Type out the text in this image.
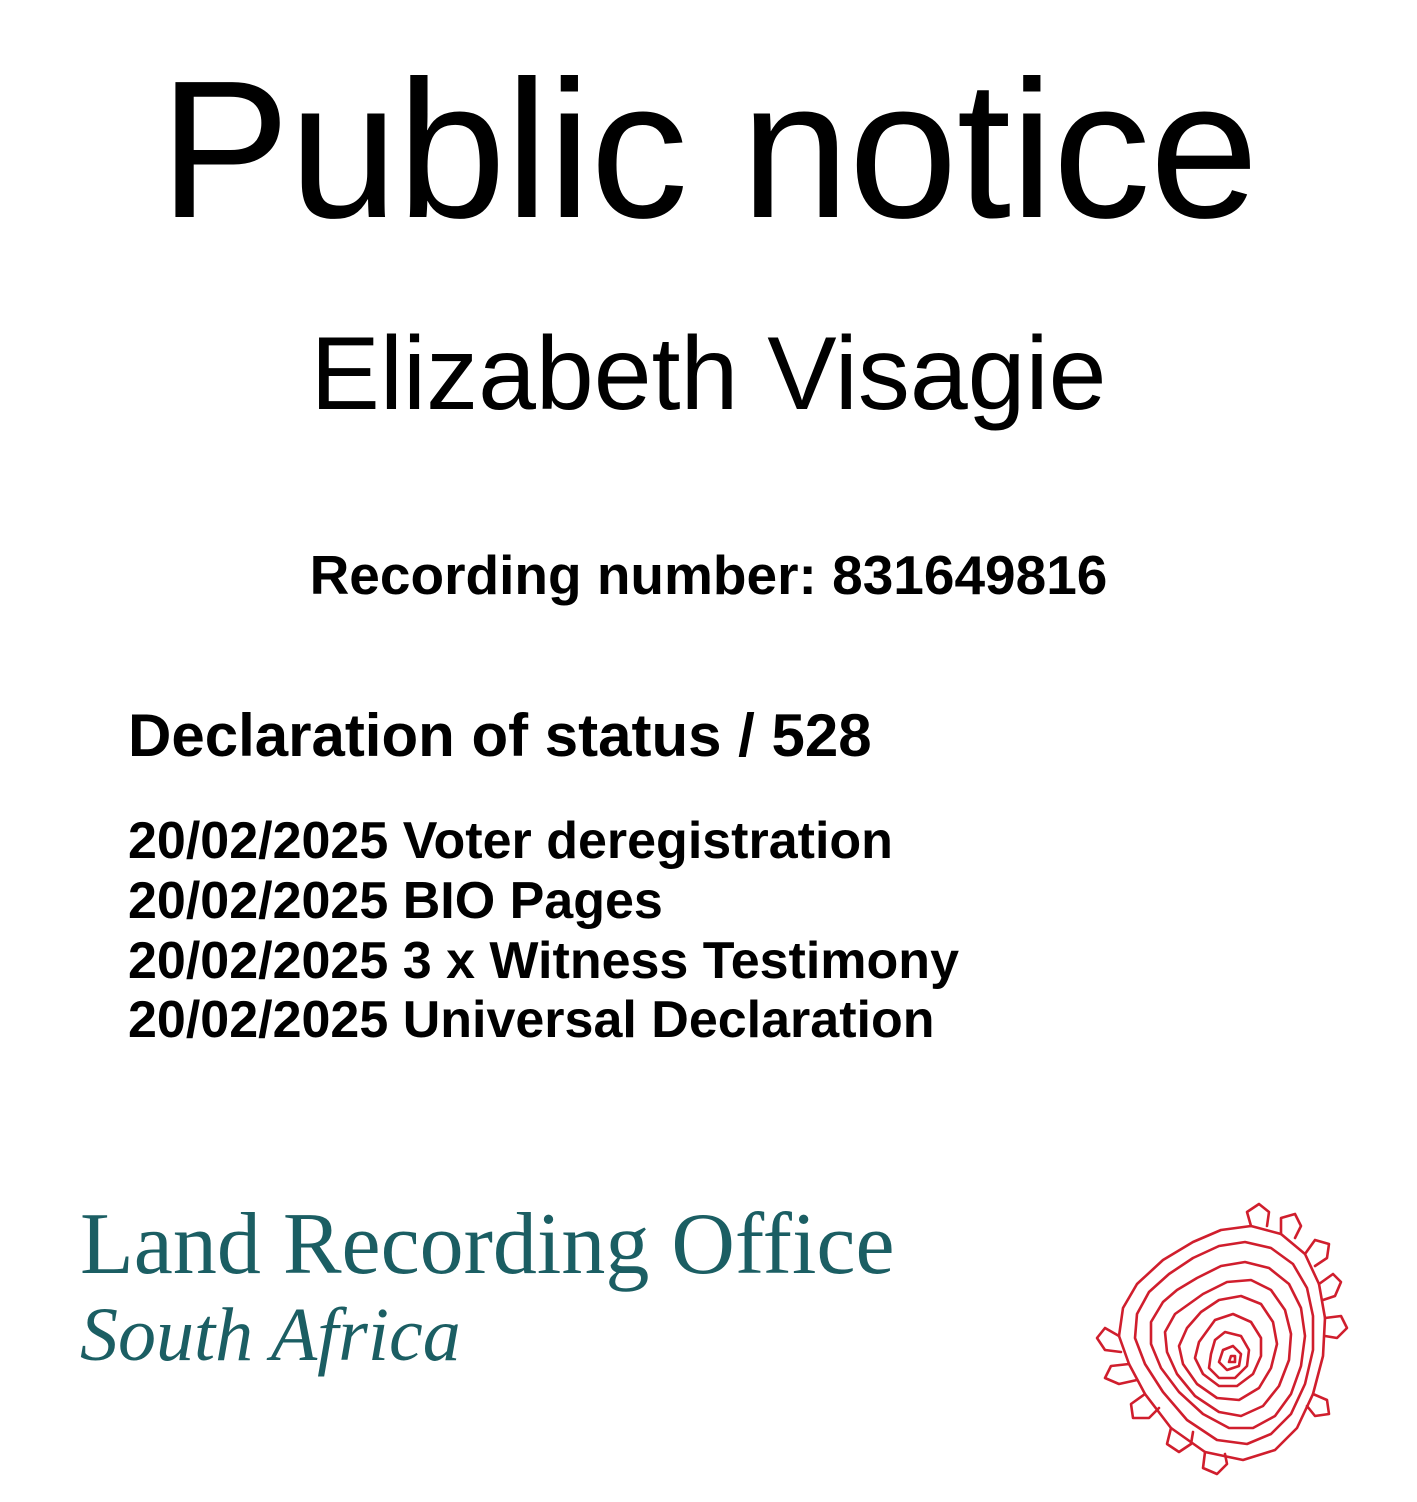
Public notice
Elizabeth Visagie
Recording number: 831649816
Declaration of status / 528
20/02/2025 Voter deregistration
20/02/2025 BIO Pages
20/02/2025 3 x Witness Testimony
20/02/2025 Universal Declaration
Land Recording Office
South Africa
